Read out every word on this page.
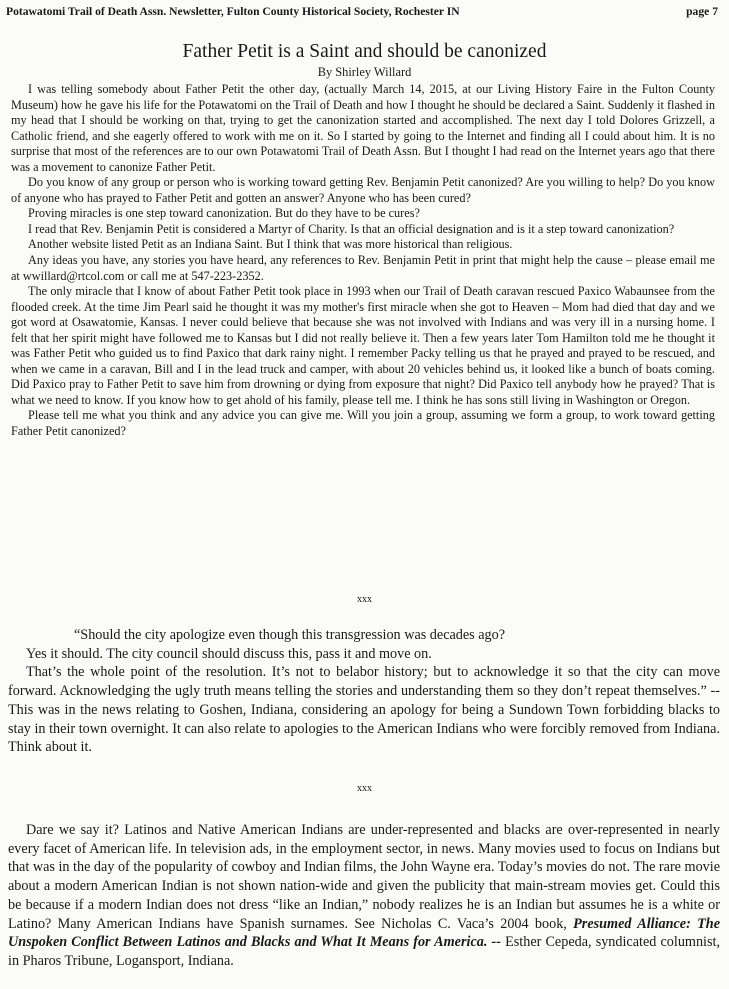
Potawatomi Trail of Death Assn. Newsletter, Fulton County Historical Society, Rochester IN	page 7
Father Petit is a Saint and should be canonized
By Shirley Willard

I was telling somebody about Father Petit the other day, (actually March 14, 2015, at our Living History Faire in the Fulton County Museum) how he gave his life for the Potawatomi on the Trail of Death and how I thought he should be declared a Saint. Suddenly it flashed in my head that I should be working on that, trying to get the canonization started and accomplished. The next day I told Dolores Grizzell, a Catholic friend, and she eagerly offered to work with me on it. So I started by going to the Internet and finding all I could about him. It is no surprise that most of the references are to our own Potawatomi Trail of Death Assn. But I thought I had read on the Internet years ago that there was a movement to canonize Father Petit.

Do you know of any group or person who is working toward getting Rev. Benjamin Petit canonized? Are you willing to help? Do you know of anyone who has prayed to Father Petit and gotten an answer? Anyone who has been cured?

Proving miracles is one step toward canonization. But do they have to be cures?

I read that Rev. Benjamin Petit is considered a Martyr of Charity. Is that an official designation and is it a step toward canonization?

Another website listed Petit as an Indiana Saint. But I think that was more historical than religious.

Any ideas you have, any stories you have heard, any references to Rev. Benjamin Petit in print that might help the cause – please email me at wwillard@rtcol.com or call me at 547-223-2352.

The only miracle that I know of about Father Petit took place in 1993 when our Trail of Death caravan rescued Paxico Wabaunsee from the flooded creek. At the time Jim Pearl said he thought it was my mother's first miracle when she got to Heaven – Mom had died that day and we got word at Osawatomie, Kansas. I never could believe that because she was not involved with Indians and was very ill in a nursing home. I felt that her spirit might have followed me to Kansas but I did not really believe it. Then a few years later Tom Hamilton told me he thought it was Father Petit who guided us to find Paxico that dark rainy night. I remember Packy telling us that he prayed and prayed to be rescued, and when we came in a caravan, Bill and I in the lead truck and camper, with about 20 vehicles behind us, it looked like a bunch of boats coming. Did Paxico pray to Father Petit to save him from drowning or dying from exposure that night? Did Paxico tell anybody how he prayed? That is what we need to know. If you know how to get ahold of his family, please tell me. I think he has sons still living in Washington or Oregon.

Please tell me what you think and any advice you can give me. Will you join a group, assuming we form a group, to work toward getting Father Petit canonized?

xxx

“Should the city apologize even though this transgression was decades ago?

Yes it should. The city council should discuss this, pass it and move on.

That’s the whole point of the resolution. It’s not to belabor history; but to acknowledge it so that the city can move forward. Acknowledging the ugly truth means telling the stories and understanding them so they don’t repeat themselves.” -- This was in the news relating to Goshen, Indiana, considering an apology for being a Sundown Town forbidding blacks to stay in their town overnight. It can also relate to apologies to the American Indians who were forcibly removed from Indiana. Think about it.

xxx

Dare we say it? Latinos and Native American Indians are under-represented and blacks are over-represented in nearly every facet of American life. In television ads, in the employment sector, in news. Many movies used to focus on Indians but that was in the day of the popularity of cowboy and Indian films, the John Wayne era. Today’s movies do not. The rare movie about a modern American Indian is not shown nation-wide and given the publicity that main-stream movies get. Could this be because if a modern Indian does not dress “like an Indian,” nobody realizes he is an Indian but assumes he is a white or Latino? Many American Indians have Spanish surnames. See Nicholas C. Vaca’s 2004 book, Presumed Alliance: The Unspoken Conflict Between Latinos and Blacks and What It Means for America. -- Esther Cepeda, syndicated columnist, in Pharos Tribune, Logansport, Indiana.
